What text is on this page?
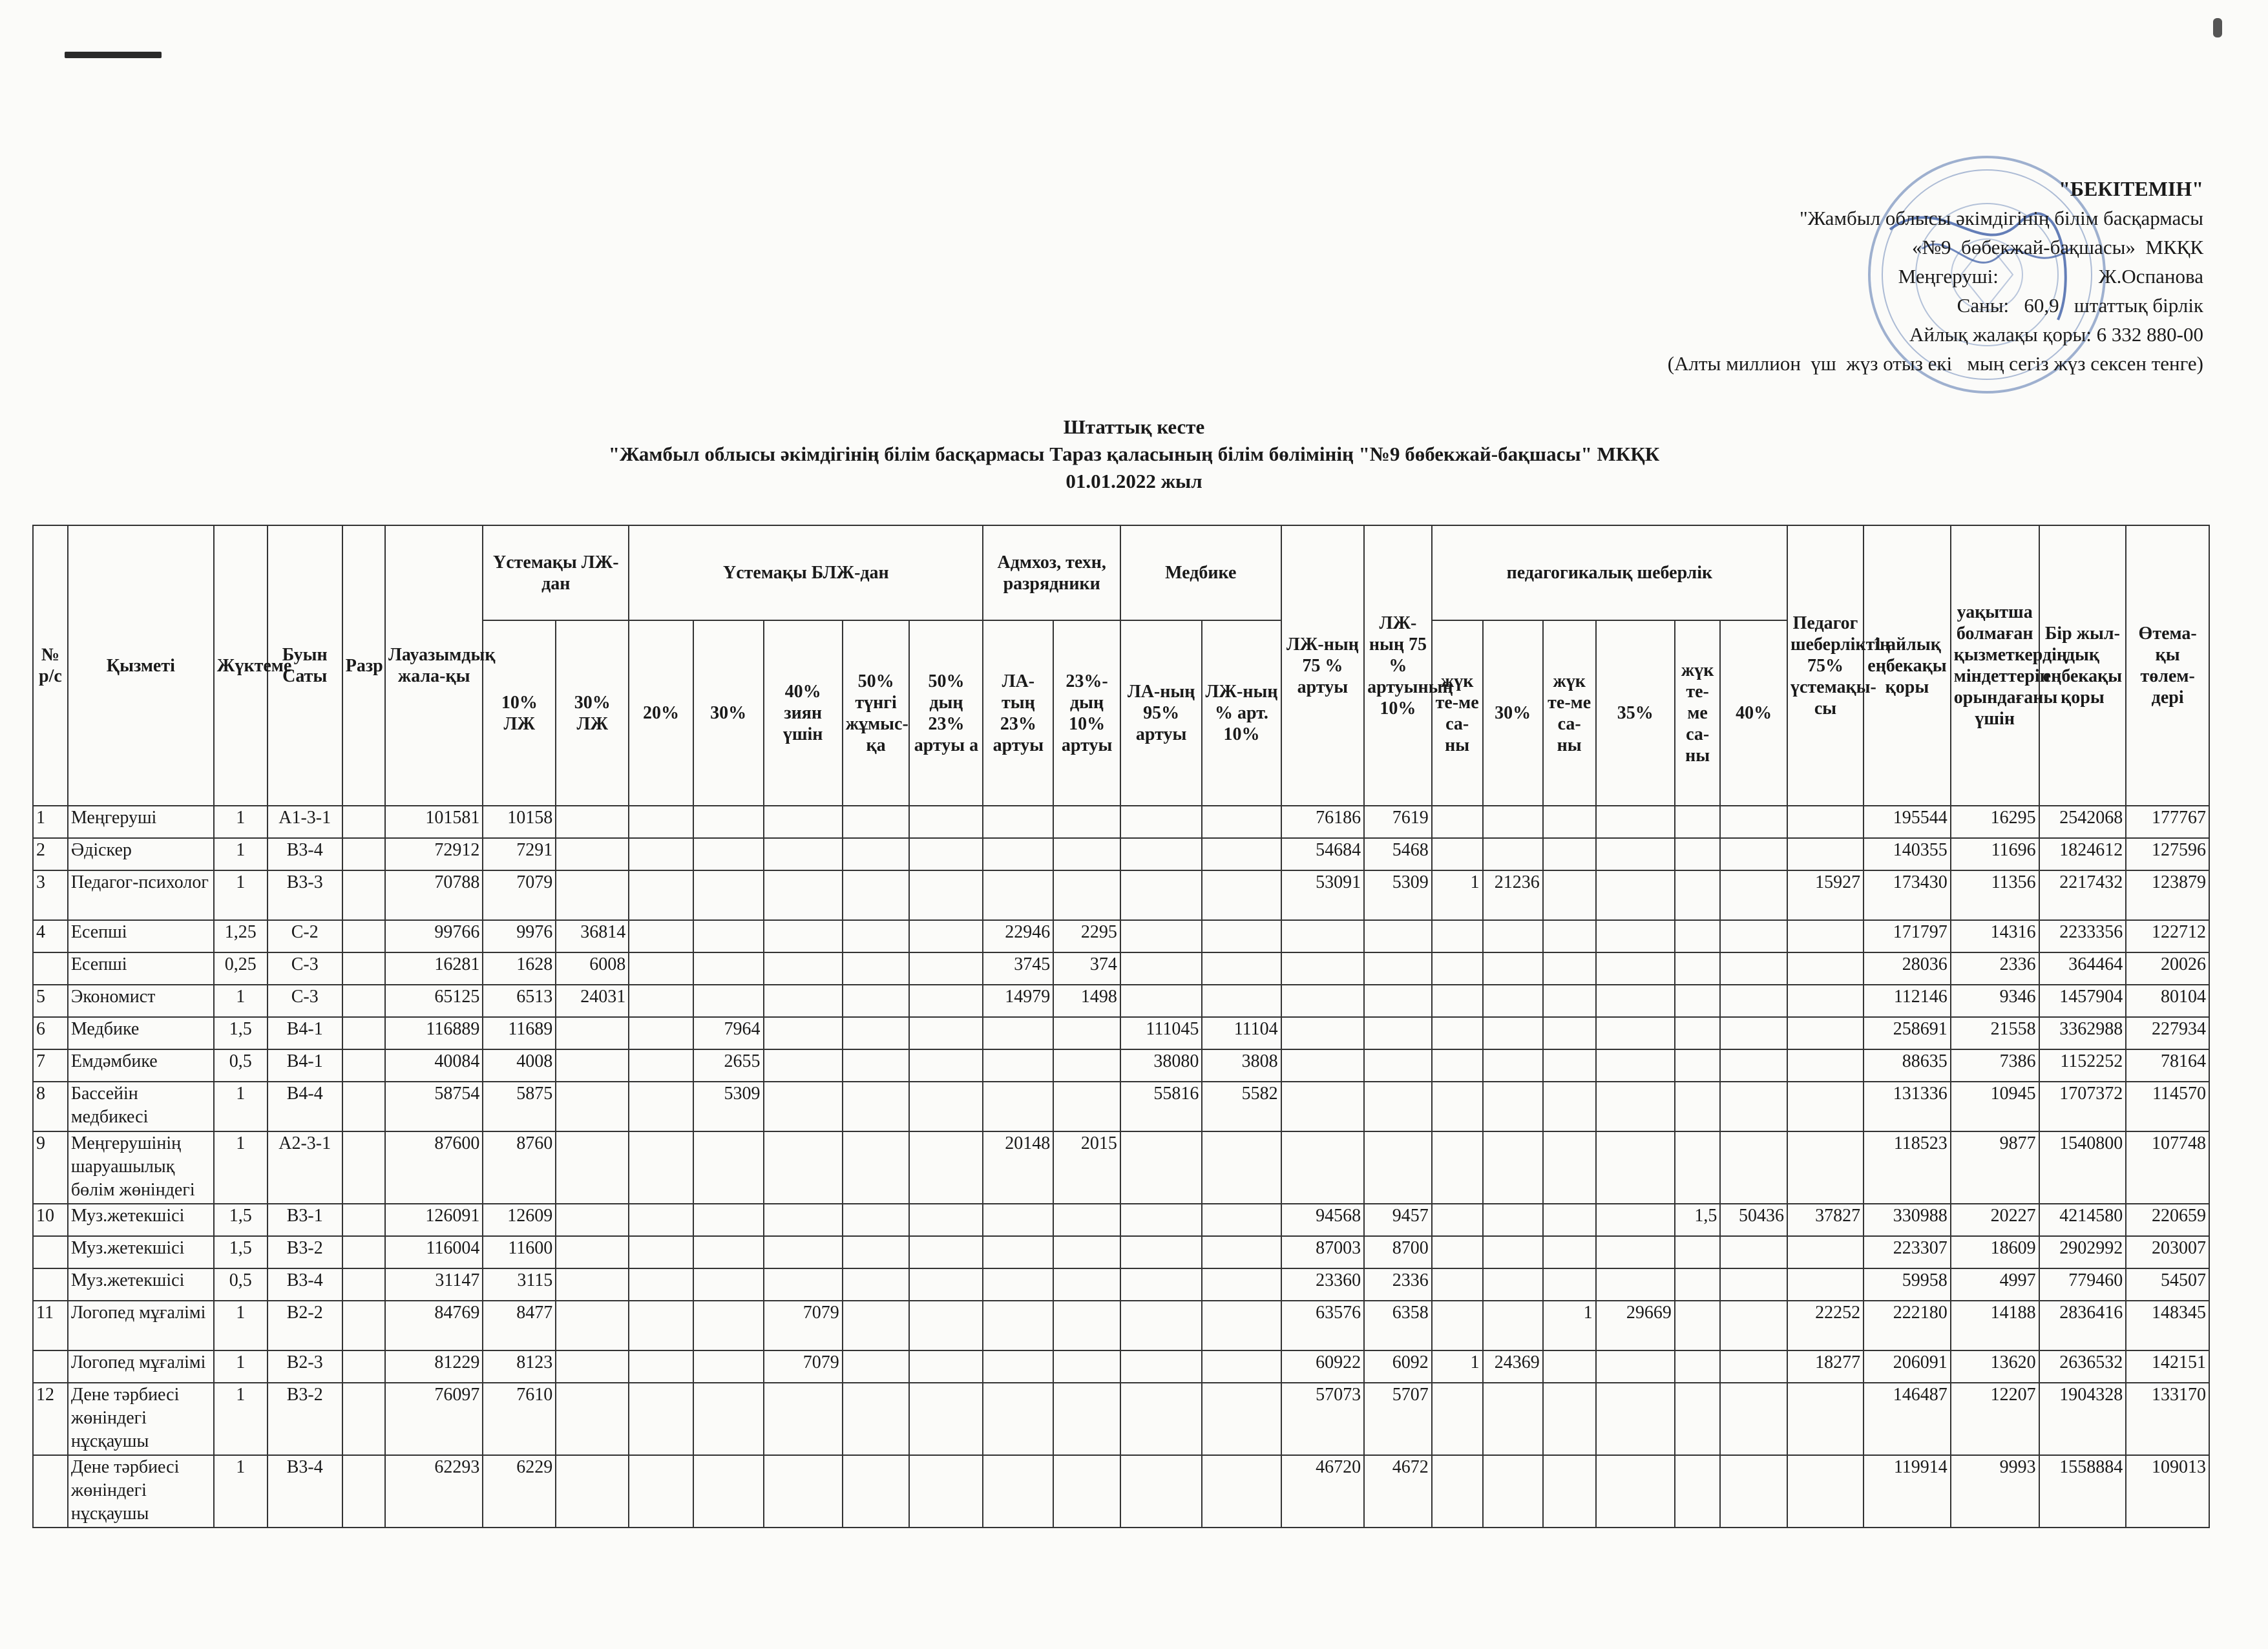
"БЕКІТЕМІН"
"Жамбыл облысы әкімдігінің білім басқармасы
«№9  бөбекжай-бақшасы»  МКҚК
Меңгеруші:	Ж.Оспанова
Саны:   60,9   штаттық бірлік
Айлық жалақы қоры: 6 332 880-00
(Алты миллион  үш  жүз отыз екі   мың сегіз жүз сексен тенге)
Штаттық кесте
"Жамбыл облысы әкімдігінің білім басқармасы Тараз қаласының білім бөлімінің "№9 бөбекжай-бақшасы" МКҚК
01.01.2022 жыл
№ р/с	Қызметі	Жүктеме	Буын Саты	Разр	Лауазымдық жала-қы	Үстемақы ЛЖ-дан		Үстемақы БЛЖ-дан					Адмхоз, техн, разрядники		Медбике		ЛЖ-ның 75 % артуы	ЛЖ-ның 75 % артуының 10%	педагогикалық шеберлік						Педагог шеберліктің 75% үстемақы-сы	1 айлық еңбекақы қоры	уақытша болмаған қызметкердің міндеттерін орындағаны үшін	Бір жыл-дық еңбекақы қоры	Өтема-қы төлем-дері
						10% ЛЖ	30% ЛЖ	20%	30%	40% зиян үшін	50% түнгі жұмыс-қа	50% дың 23% артуы а	ЛА-тың 23% артуы	23%-дың 10% артуы	ЛА-ның 95% артуы	ЛЖ-ның % арт. 10%			жүк те-ме са-ны	30%	жүк те-ме са-ны	35%	жүк те-ме са-ны	40%					
1	Меңгеруші	1	A1-3-1		101581	10158											76186	7619								195544	16295	2542068	177767
2	Әдіскер	1	В3-4		72912	7291											54684	5468								140355	11696	1824612	127596
3	Педагог-психолог	1	В3-3		70788	7079											53091	5309	1	21236					15927	173430	11356	2217432	123879
4	Есепші	1,25	С-2		99766	9976	36814						22946	2295												171797	14316	2233356	122712
	Есепші	0,25	С-3		16281	1628	6008						3745	374												28036	2336	364464	20026
5	Экономист	1	С-3		65125	6513	24031						14979	1498												112146	9346	1457904	80104
6	Медбике	1,5	В4-1		116889	11689			7964						111045	11104										258691	21558	3362988	227934
7	Емдәмбике	0,5	В4-1		40084	4008			2655						38080	3808										88635	7386	1152252	78164
8	Бассейін медбикесі	1	В4-4		58754	5875			5309						55816	5582										131336	10945	1707372	114570
9	Меңгерушінің шаруашылық бөлім жөніндегі	1	A2-3-1		87600	8760							20148	2015												118523	9877	1540800	107748
10	Муз.жетекшісі	1,5	В3-1		126091	12609											94568	9457					1,5	50436	37827	330988	20227	4214580	220659
	Муз.жетекшісі	1,5	В3-2		116004	11600											87003	8700								223307	18609	2902992	203007
	Муз.жетекшісі	0,5	В3-4		31147	3115											23360	2336								59958	4997	779460	54507
11	Логопед мұғалімі	1	В2-2		84769	8477				7079							63576	6358			1	29669			22252	222180	14188	2836416	148345
	Логопед мұғалімі	1	В2-3		81229	8123				7079							60922	6092	1	24369					18277	206091	13620	2636532	142151
12	Дене тәрбиесі жөніндегі нұсқаушы	1	В3-2		76097	7610											57073	5707								146487	12207	1904328	133170
	Дене тәрбиесі жөніндегі нұсқаушы	1	В3-4		62293	6229											46720	4672								119914	9993	1558884	109013
